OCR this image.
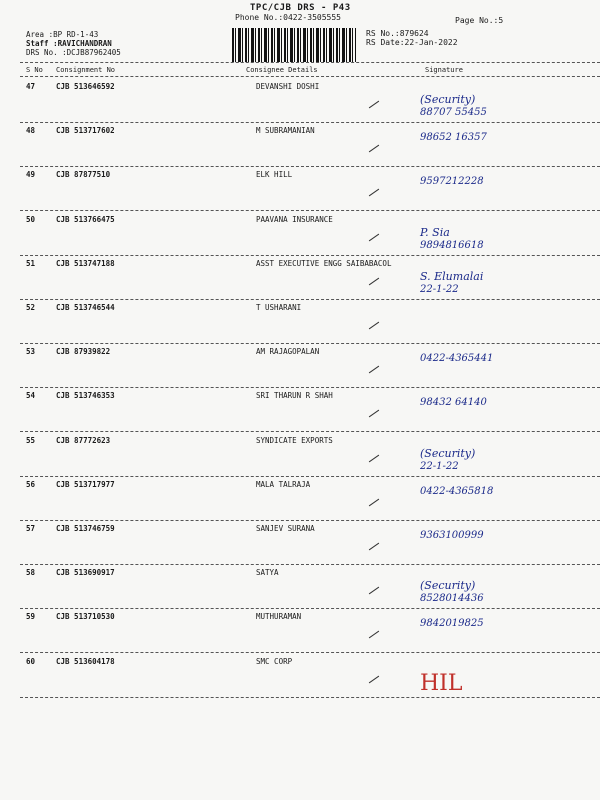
TPC/CJB DRS - P43
Phone No.:0422-3505555	Page No.:5
Area :BP RD-1-43
Staff :RAVICHANDRAN
DRS No. :DCJB87962405
RS No.:879624
RS Date:22-Jan-2022
S No Consignment No	Consignee Details	Signature
47	CJB 513646592	DEVANSHI DOSHI
(Security)
88707 55455
48	CJB 513717602	M SUBRAMANIAN
98652 16357
49	CJB 87877510	ELK HILL
9597212228
50	CJB 513766475	PAAVANA INSURANCE
P. Sia
9894816618
51	CJB 513747188	ASST EXECUTIVE ENGG SAIBABACOL
S. Elumalai
22-1-22
52	CJB 513746544	T USHARANI
53	CJB 87939822	AM RAJAGOPALAN
0422-4365441
54	CJB 513746353	SRI THARUN R SHAH
98432 64140
55	CJB 87772623	SYNDICATE EXPORTS
(Security)
22-1-22
56	CJB 513717977	MALA TALRAJA
0422-4365818
57	CJB 513746759	SANJEV SURANA
9363100999
58	CJB 513690917	SATYA
(Security)
8528014436
59	CJB 513710530	MUTHURAMAN
9842019825
60	CJB 513604178	SMC CORP
HIL
